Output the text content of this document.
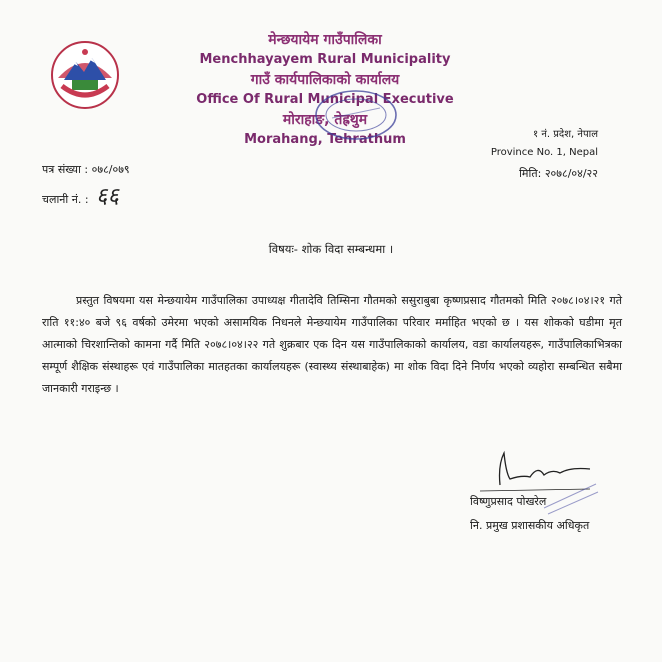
मेन्छयायेम गाउँपालिका
Menchhayayem Rural Municipality
गाउँ कार्यपालिकाको कार्यालय
Office Of Rural Municipal Executive
मोराहाङ, तेह्रथुम
Morahang, Tehrathum	१ नं. प्रदेश, नेपाल
Province No. 1, Nepal
पत्र संख्या : ०७८/०७९
चलानी नं. : ६६
मिति: २०७८/०४/२२
विषयः- शोक विदा सम्बन्धमा ।
प्रस्तुत विषयमा यस मेन्छयायेम गाउँपालिका उपाध्यक्ष गीतादेवि तिम्सिना गौतमको ससुराबुबा कृष्णप्रसाद गौतमको मिति २०७८।०४।२१ गते राति ११:४० बजे ९६ वर्षको उमेरमा भएको असामयिक निधनले मेन्छयायेम गाउँपालिका परिवार मर्माहित भएको छ । यस शोकको घडीमा मृत आत्माको चिरशान्तिको कामना गर्दै मिति २०७८।०४।२२ गते शुक्रबार एक दिन यस गाउँपालिकाको कार्यालय, वडा कार्यालयहरू, गाउँपालिकाभित्रका सम्पूर्ण शैक्षिक संस्थाहरू एवं गाउँपालिका मातहतका कार्यालयहरू (स्वास्थ्य संस्थाबाहेक) मा शोक विदा दिने निर्णय भएको व्यहोरा सम्बन्धित सबैमा जानकारी गराइन्छ ।
विष्णुप्रसाद पोखरेल
नि. प्रमुख प्रशासकीय अधिकृत
